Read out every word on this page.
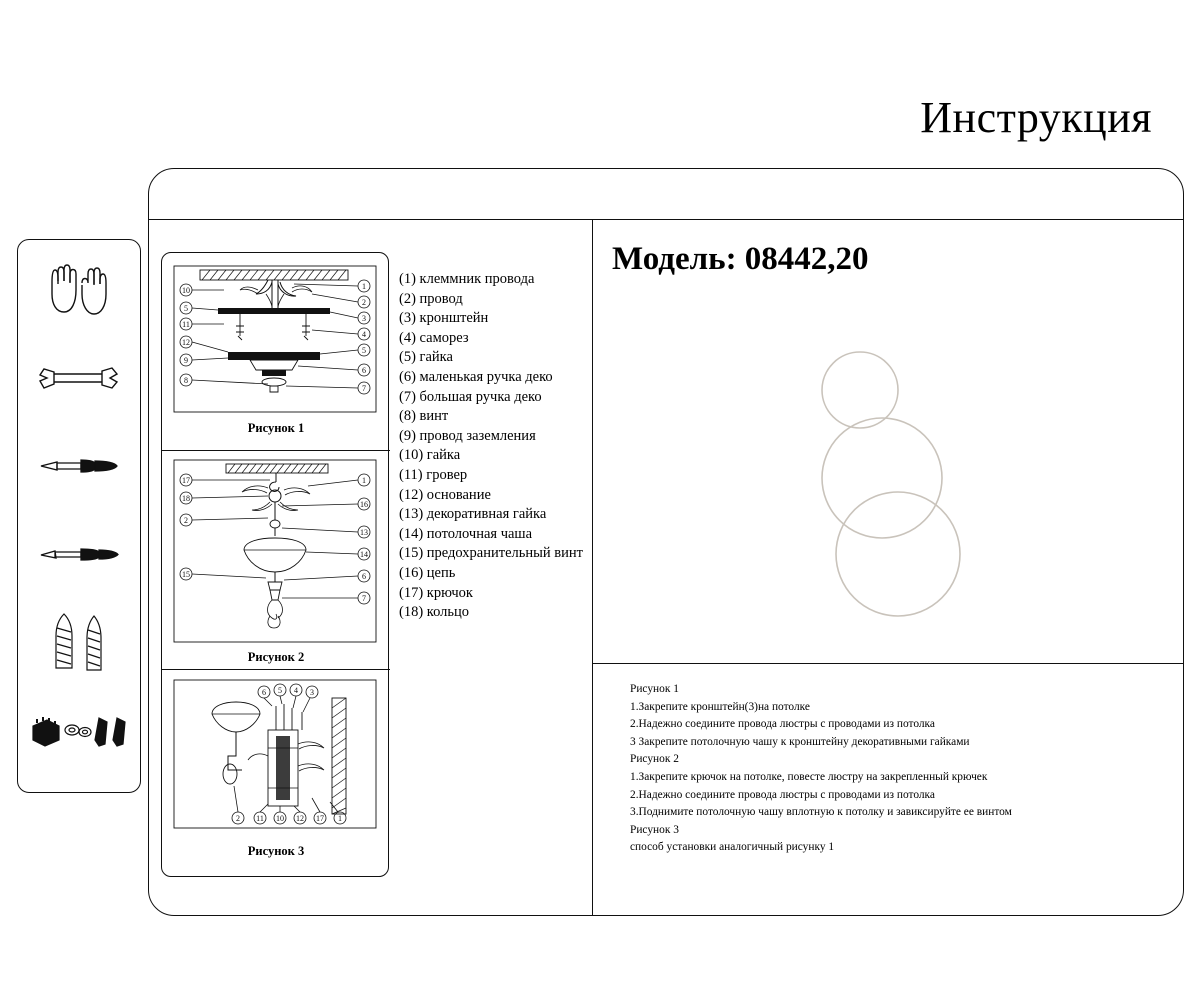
Инструкция
10
5
11
12
9
8
1
2
3
4
5
6
7
Рисунок 1
17
18
2
15
1
16
13
14
6
7
Рисунок 2
6 5 4 3
2 11 10 12 17 1
Рисунок 3
(1) клеммник провода
(2) провод
(3) кронштейн
(4) саморез
(5) гайка
(6) маленькая ручка деко
(7) большая ручка деко
(8) винт
(9) провод заземления
(10) гайка
(11) гровер
(12) основание
(13) декоративная гайка
(14) потолочная чаша
(15) предохранительный винт
(16) цепь
(17) крючок
(18) кольцо
Модель: 08442,20
Рисунок 1
1.Закрепите кронштейн(3)на потолке
2.Надежно соедините провода люстры с проводами из потолка
3 Закрепите потолочную чашу к кронштейну декоративными гайками
Рисунок 2
1.Закрепите крючок на потолке, повесте люстру на закрепленный крючек
2.Надежно соедините провода люстры с проводами из потолка
3.Поднимите потолочную чашу вплотную к потолку и завиксируйте ее винтом
Рисунок 3
способ установки аналогичный рисунку 1
